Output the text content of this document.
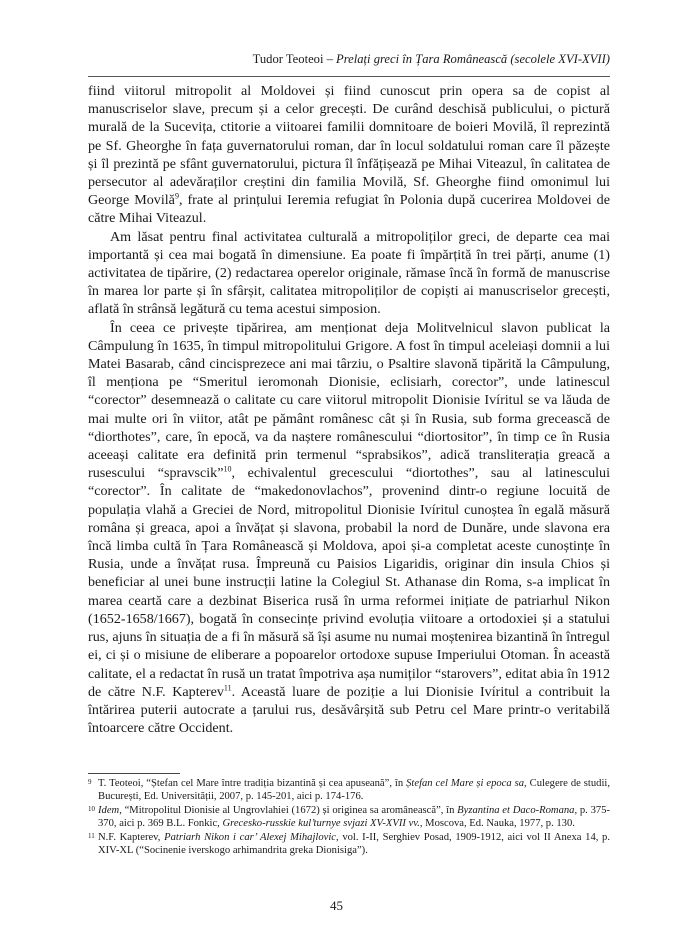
Tudor Teoteoi – Prelați greci în Țara Românească (secolele XVI-XVII)

fiind viitorul mitropolit al Moldovei și fiind cunoscut prin opera sa de copist al manuscriselor slave, precum și a celor grecești. De curând deschisă publicului, o pictură murală de la Sucevița, ctitorie a viitoarei familii domnitoare de boieri Movilă, îl reprezintă pe Sf. Gheorghe în fața guvernatorului roman, dar în locul soldatului roman care îl păzește și îl prezintă pe sfânt guvernatorului, pictura îl înfățișează pe Mihai Viteazul, în calitatea de persecutor al adevăraților creștini din familia Movilă, Sf. Gheorghe fiind omonimul lui George Movilă$^9$, frate al prințului Ieremia refugiat în Polonia după cucerirea Moldovei de către Mihai Viteazul.

Am lăsat pentru final activitatea culturală a mitropoliților greci, de departe cea mai importantă și cea mai bogată în dimensiune. Ea poate fi împărțită în trei părți, anume (1) activitatea de tipărire, (2) redactarea operelor originale, rămase încă în formă de manuscrise în marea lor parte și în sfârșit, calitatea mitropoliților de copiști ai manuscriselor grecești, aflată în strânsă legătură cu tema acestui simposion.

În ceea ce privește tipărirea, am menționat deja Molitvelnicul slavon publicat la Câmpulung în 1635, în timpul mitropolitului Grigore. A fost în timpul aceleiași domnii a lui Matei Basarab, când cincisprezece ani mai târziu, o Psaltire slavonă tipărită la Câmpulung, îl menționa pe “Smeritul ieromonah Dionisie, eclisiarh, corector”, unde latinescul “corector” desemnează o calitate cu care viitorul mitropolit Dionisie Ivíritul se va lăuda de mai multe ori în viitor, atât pe pământ românesc cât și în Rusia, sub forma grecească de “diorthotes”, care, în epocă, va da naștere românescului “diortositor”, în timp ce în Rusia aceeași calitate era definită prin termenul “sprabsikos”, adică transliterația greacă a rusescului “spravscik”$^{10}$, echivalentul grecescului “diortothes”, sau al latinescului “corector”. În calitate de “makedonovlachos”, provenind dintr-o regiune locuită de populația vlahă a Greciei de Nord, mitropolitul Dionisie Ivíritul cunoștea în egală măsură româna și greaca, apoi a învățat și slavona, probabil la nord de Dunăre, unde slavona era încă limba cultă în Țara Românească și Moldova, apoi și-a completat aceste cunoștințe în Rusia, unde a învățat rusa. Împreună cu Paisios Ligaridis, originar din insula Chios și beneficiar al unei bune instrucții latine la Colegiul St. Athanase din Roma, s-a implicat în marea ceartă care a dezbinat Biserica rusă în urma reformei inițiate de patriarhul Nikon (1652-1658/1667), bogată în consecințe privind evoluția viitoare a ortodoxiei și a statului rus, ajuns în situația de a fi în măsură să își asume nu numai moștenirea bizantină în întregul ei, ci și o misiune de eliberare a popoarelor ortodoxe supuse Imperiului Otoman. În această calitate, el a redactat în rusă un tratat împotriva așa numiților “starovers”, editat abia în 1912 de către N.F. Kapterev$^{11}$. Această luare de poziție a lui Dionisie Ivíritul a contribuit la întărirea puterii autocrate a țarului rus, desăvârșită sub Petru cel Mare printr-o veritabilă întoarcere către Occident.

9 T. Teoteoi, “Ștefan cel Mare între tradiția bizantină și cea apuseană”, în Ștefan cel Mare și epoca sa, Culegere de studii, București, Ed. Universității, 2007, p. 145-201, aici p. 174-176.
10 Idem, “Mitropolitul Dionisie al Ungrovlahiei (1672) și originea sa aromânească”, în Byzantina et Daco-Romana, p. 375-370, aici p. 369 B.L. Fonkic, Grecesko-russkie kul’turnye svjazi XV-XVII vv., Moscova, Ed. Nauka, 1977, p. 130.
11 N.F. Kapterev, Patriarh Nikon i car’ Alexej Mihajlovic, vol. I-II, Serghiev Posad, 1909-1912, aici vol II Anexa 14, p. XIV-XL (“Socinenie iverskogo arhimandrita greka Dionisiga”).
45
